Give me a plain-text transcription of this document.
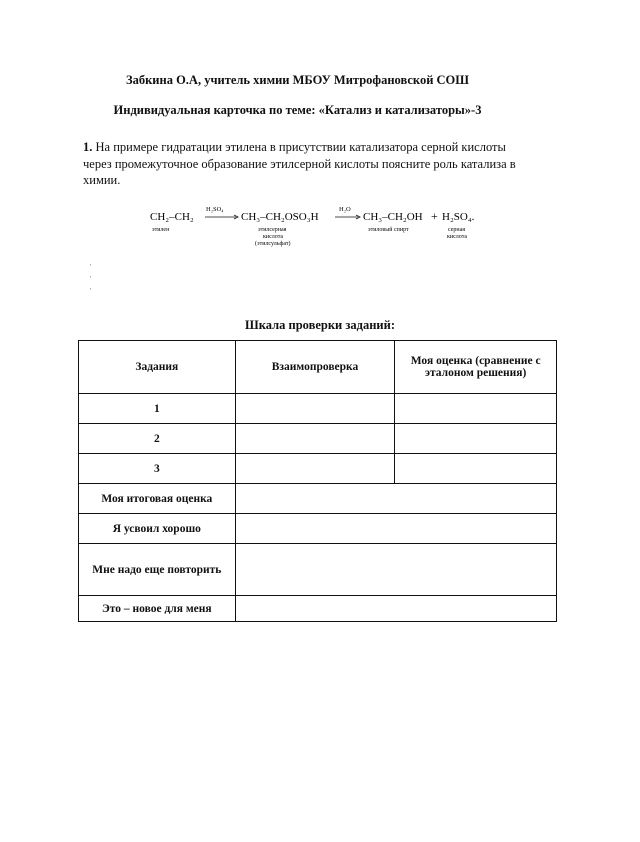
Забкина О.А, учитель химии МБОУ Митрофановской СОШ
Индивидуальная карточка по теме: «Катализ и катализаторы»-3
1. На примере гидратации этилена в присутствии катализатора серной кислоты через промежуточное образование этилсерной кислоты поясните роль катализа в химии.
CH₂–CH₂
H₂SO₄
CH₃–CH₂OSO₃H
H₂O
CH₃–CH₂OH + H₂SO₄.
этилен	этилсерная
кислота
(этилсульфат)
этиловый спирт	серная
кислота
'
'
'
Шкала проверки заданий:
Задания	Взаимопроверка	Моя оценка (сравнение с эталоном решения)
1		
2		
3		
Моя итоговая оценка		
Я усвоил хорошо		
Мне надо еще повторить		
Это – новое для меня		
